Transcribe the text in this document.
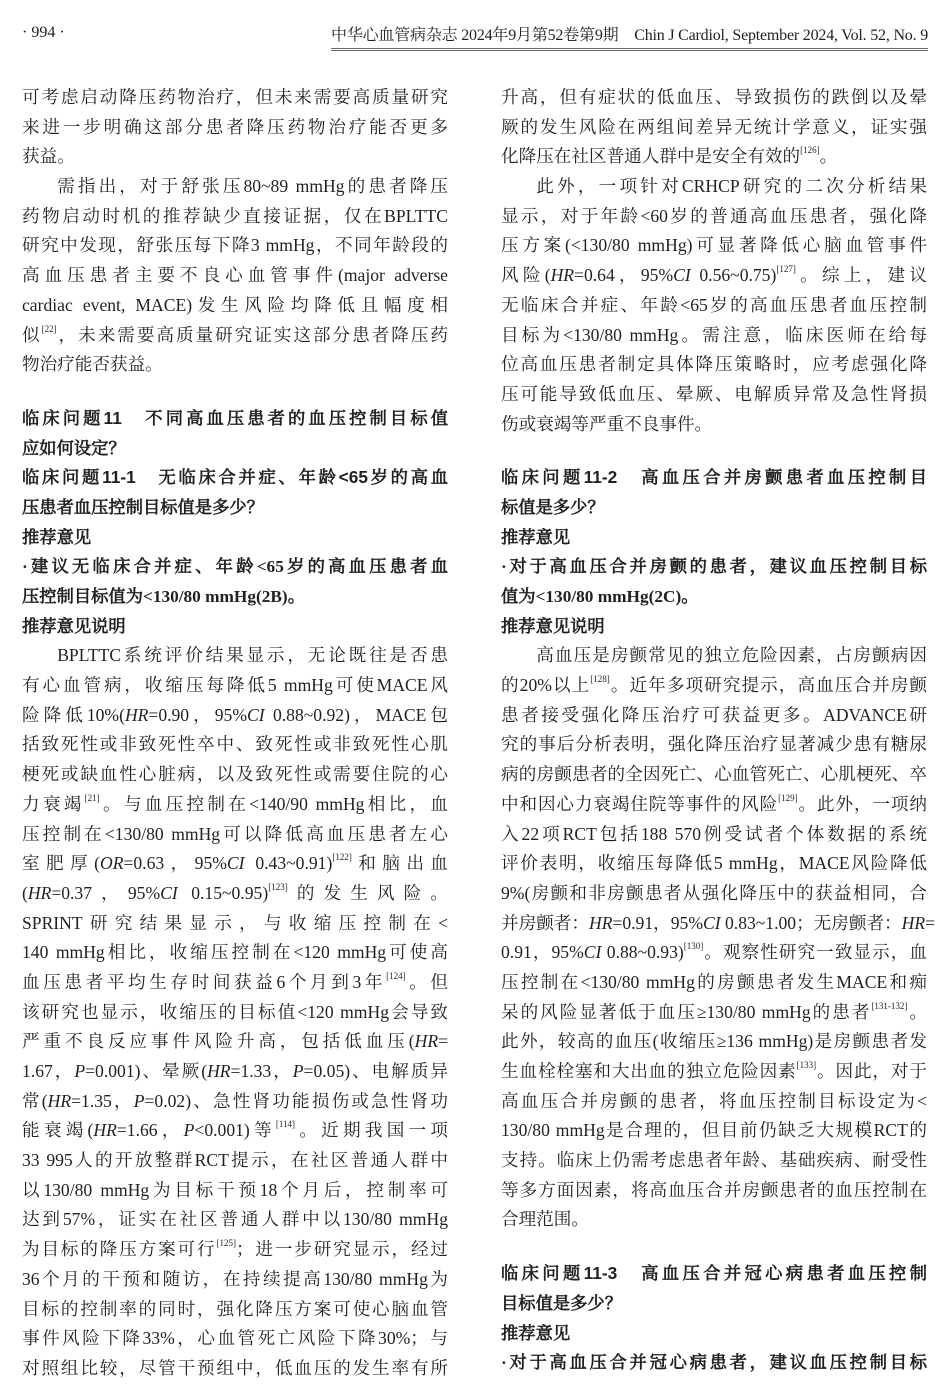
· 994 ·	中华心血管病杂志 2024年9月第52卷第9期　Chin J Cardiol, September 2024, Vol. 52, No. 9
可考虑启动降压药物治疗，但未来需要高质量研究
来进一步明确这部分患者降压药物治疗能否更多
获益。
需指出，对于舒张压80~89 mmHg的患者降压
药物启动时机的推荐缺少直接证据，仅在BPLTTC
研究中发现，舒张压每下降3 mmHg，不同年龄段的
高血压患者主要不良心血管事件(major adverse
cardiac event, MACE)发生风险均降低且幅度相
似[22]，未来需要高质量研究证实这部分患者降压药
物治疗能否获益。
临床问题11　不同高血压患者的血压控制目标值
应如何设定？
临床问题11-1　无临床合并症、年龄<65岁的高血
压患者血压控制目标值是多少？
推荐意见
·建议无临床合并症、年龄<65岁的高血压患者血
压控制目标值为<130/80 mmHg(2B)。
推荐意见说明
BPLTTC系统评价结果显示，无论既往是否患
有心血管病，收缩压每降低5 mmHg可使MACE风
险降低10%(HR=0.90，95%CI 0.88~0.92)，MACE包
括致死性或非致死性卒中、致死性或非致死性心肌
梗死或缺血性心脏病，以及致死性或需要住院的心
力衰竭[21]。与血压控制在<140/90 mmHg相比，血
压控制在<130/80 mmHg可以降低高血压患者左心
室肥厚(OR=0.63，95%CI 0.43~0.91)[122]和脑出血
(HR=0.37，95%CI 0.15~0.95)[123]的发生风险。
SPRINT研究结果显示，与收缩压控制在<
140 mmHg相比，收缩压控制在<120 mmHg可使高
血压患者平均生存时间获益6个月到3年[124]。但
该研究也显示，收缩压的目标值<120 mmHg会导致
严重不良反应事件风险升高，包括低血压(HR=
1.67，P=0.001)、晕厥(HR=1.33，P=0.05)、电解质异
常(HR=1.35，P=0.02)、急性肾功能损伤或急性肾功
能衰竭(HR=1.66，P<0.001)等[114]。近期我国一项
33 995人的开放整群RCT提示，在社区普通人群中
以130/80 mmHg为目标干预18个月后，控制率可
达到57%，证实在社区普通人群中以130/80 mmHg
为目标的降压方案可行[125]；进一步研究显示，经过
36个月的干预和随访，在持续提高130/80 mmHg为
目标的控制率的同时，强化降压方案可使心脑血管
事件风险下降33%，心血管死亡风险下降30%；与
对照组比较，尽管干预组中，低血压的发生率有所
升高，但有症状的低血压、导致损伤的跌倒以及晕
厥的发生风险在两组间差异无统计学意义，证实强
化降压在社区普通人群中是安全有效的[126]。
此外，一项针对CRHCP研究的二次分析结果
显示，对于年龄<60岁的普通高血压患者，强化降
压方案(<130/80 mmHg)可显著降低心脑血管事件
风险(HR=0.64，95%CI 0.56~0.75)[127]。综上，建议
无临床合并症、年龄<65岁的高血压患者血压控制
目标为<130/80 mmHg。需注意，临床医师在给每
位高血压患者制定具体降压策略时，应考虑强化降
压可能导致低血压、晕厥、电解质异常及急性肾损
伤或衰竭等严重不良事件。
临床问题11-2　高血压合并房颤患者血压控制目
标值是多少？
推荐意见
·对于高血压合并房颤的患者，建议血压控制目标
值为<130/80 mmHg(2C)。
推荐意见说明
高血压是房颤常见的独立危险因素，占房颤病因
的20%以上[128]。近年多项研究提示，高血压合并房颤
患者接受强化降压治疗可获益更多。ADVANCE研
究的事后分析表明，强化降压治疗显著减少患有糖尿
病的房颤患者的全因死亡、心血管死亡、心肌梗死、卒
中和因心力衰竭住院等事件的风险[129]。此外，一项纳
入22项RCT包括188 570例受试者个体数据的系统
评价表明，收缩压每降低5 mmHg，MACE风险降低
9%(房颤和非房颤患者从强化降压中的获益相同，合
并房颤者：HR=0.91，95%CI 0.83~1.00；无房颤者：HR=
0.91，95%CI 0.88~0.93)[130]。观察性研究一致显示，血
压控制在<130/80 mmHg的房颤患者发生MACE和痴
呆的风险显著低于血压≥130/80 mmHg的患者[131-132]。
此外，较高的血压(收缩压≥136 mmHg)是房颤患者发
生血栓栓塞和大出血的独立危险因素[133]。因此，对于
高血压合并房颤的患者，将血压控制目标设定为<
130/80 mmHg是合理的，但目前仍缺乏大规模RCT的
支持。临床上仍需考虑患者年龄、基础疾病、耐受性
等多方面因素，将高血压合并房颤患者的血压控制在
合理范围。
临床问题11-3　高血压合并冠心病患者血压控制
目标值是多少？
推荐意见
·对于高血压合并冠心病患者，建议血压控制目标
